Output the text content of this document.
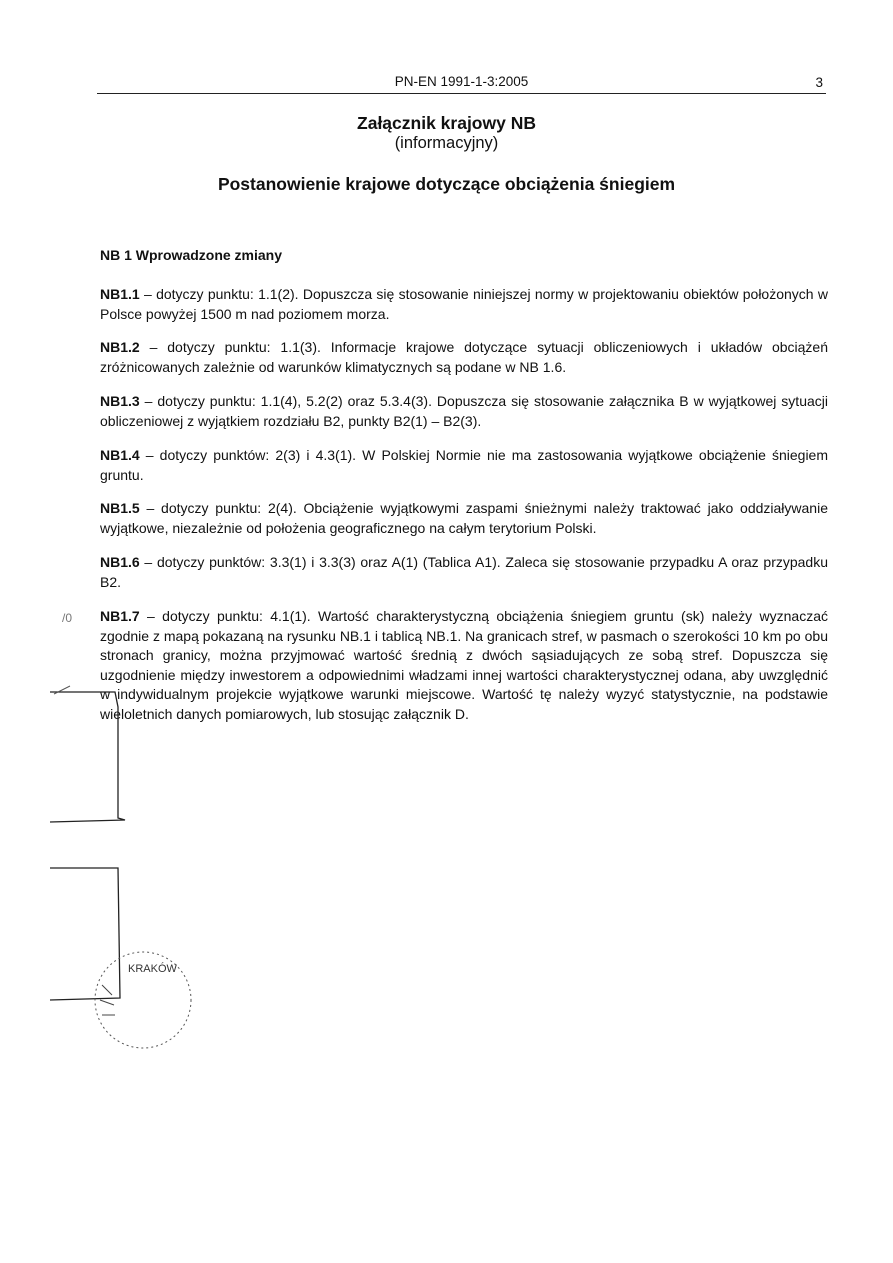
PN-EN 1991-1-3:2005	3
Załącznik krajowy NB
(informacyjny)
Postanowienie krajowe dotyczące obciążenia śniegiem
NB 1 Wprowadzone zmiany

NB1.1 – dotyczy punktu: 1.1(2). Dopuszcza się stosowanie niniejszej normy w projektowaniu obiektów położonych w Polsce powyżej 1500 m nad poziomem morza.

NB1.2 – dotyczy punktu: 1.1(3). Informacje krajowe dotyczące sytuacji obliczeniowych i układów obciążeń zróżnicowanych zależnie od warunków klimatycznych są podane w NB 1.6.

NB1.3 – dotyczy punktu: 1.1(4), 5.2(2) oraz 5.3.4(3). Dopuszcza się stosowanie załącznika B w wyjątkowej sytuacji obliczeniowej z wyjątkiem rozdziału B2, punkty B2(1) – B2(3).

NB1.4 – dotyczy punktów: 2(3) i 4.3(1). W Polskiej Normie nie ma zastosowania wyjątkowe obciążenie śniegiem gruntu.

NB1.5 – dotyczy punktu: 2(4). Obciążenie wyjątkowymi zaspami śnieżnymi należy traktować jako oddziaływanie wyjątkowe, niezależnie od położenia geograficznego na całym terytorium Polski.

NB1.6 – dotyczy punktów: 3.3(1) i 3.3(3) oraz A(1) (Tablica A1). Zaleca się stosowanie przypadku A oraz przypadku B2.

NB1.7 – dotyczy punktu: 4.1(1). Wartość charakterystyczną obciążenia śniegiem gruntu (sk) należy wyznaczać zgodnie z mapą pokazaną na rysunku NB.1 i tablicą NB.1. Na granicach stref, w pasmach o szerokości 10 km po obu stronach granicy, można przyjmować wartość średnią z dwóch sąsiadujących ze sobą stref. Dopuszcza się uzgodnienie między inwestorem a odpowiednimi władzami innej wartości charakterystycznej odana, aby uwzględnić w indywidualnym projekcie wyjątkowe warunki miejscowe. Wartość tę należy wyzyć statystycznie, na podstawie wieloletnich danych pomiarowych, lub stosując załącznik D.

KRAKÓW
/0
